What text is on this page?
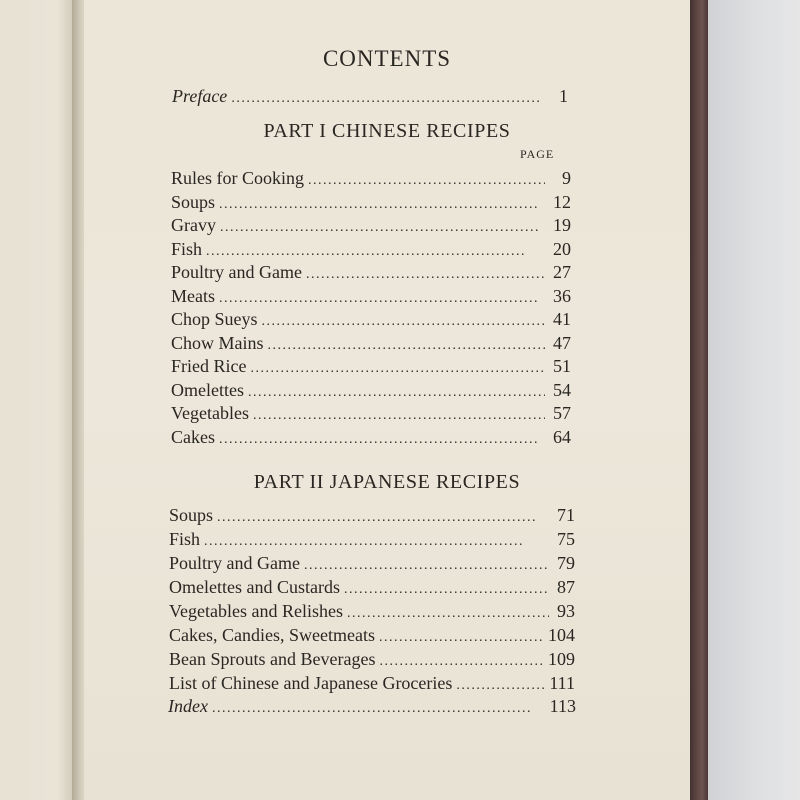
CONTENTS
Preface . . .	1
PART I CHINESE RECIPES
PAGE
Rules for Cooking . . .	9
Soups . . .	12
Gravy . . .	19
Fish . . .	20
Poultry and Game . . .	27
Meats . . .	36
Chop Sueys . . .	41
Chow Mains . . .	47
Fried Rice . . .	51
Omelettes . . .	54
Vegetables . . .	57
Cakes . . .	64
PART II JAPANESE RECIPES
Soups . . .	71
Fish . . .	75
Poultry and Game . . .	79
Omelettes and Custards . . .	87
Vegetables and Relishes . . .	93
Cakes, Candies, Sweetmeats . . .	104
Bean Sprouts and Beverages . . .	109
List of Chinese and Japanese Groceries . . .	111
Index . . .	113
